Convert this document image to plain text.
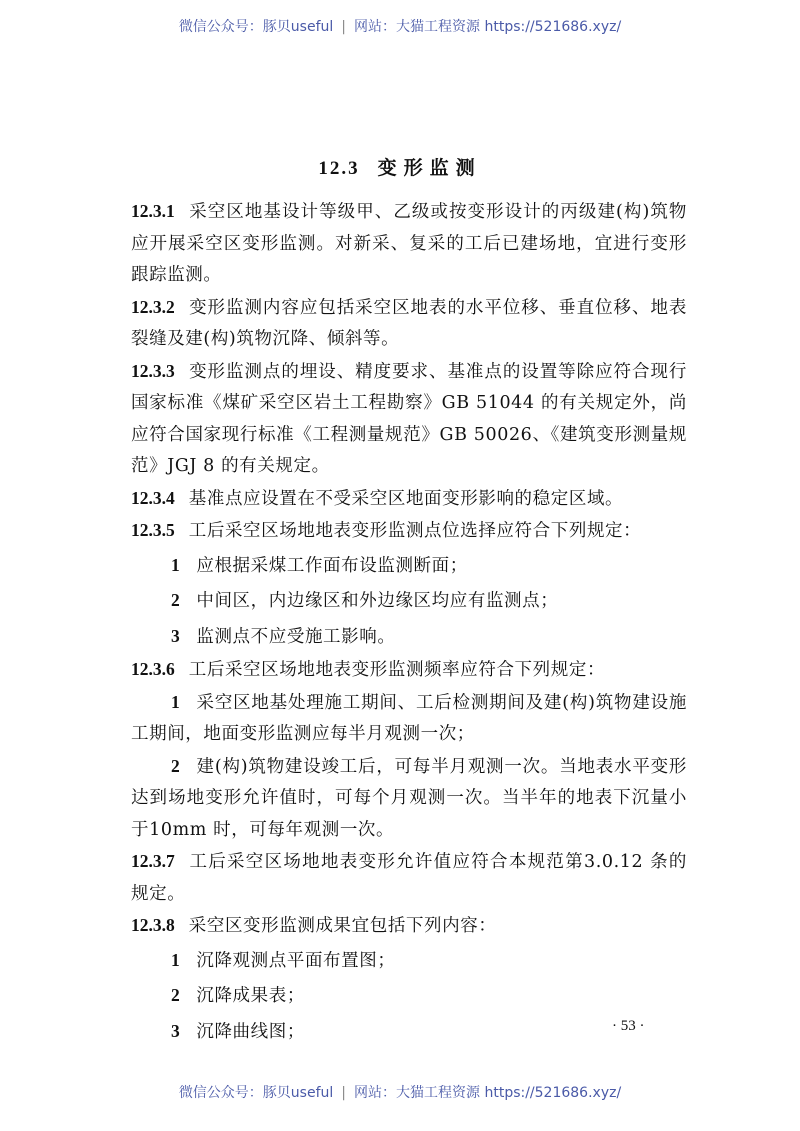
微信公众号：豚贝useful | 网站：大猫工程资源 https://521686.xyz/
12.3 变形监测

12.3.1 采空区地基设计等级甲、乙级或按变形设计的丙级建(构)筑物应开展采空区变形监测。对新采、复采的工后已建场地，宜进行变形跟踪监测。

12.3.2 变形监测内容应包括采空区地表的水平位移、垂直位移、地表裂缝及建(构)筑物沉降、倾斜等。

12.3.3 变形监测点的埋设、精度要求、基准点的设置等除应符合现行国家标准《煤矿采空区岩土工程勘察》GB 51044 的有关规定外，尚应符合国家现行标准《工程测量规范》GB 50026、《建筑变形测量规范》JGJ 8 的有关规定。

12.3.4 基准点应设置在不受采空区地面变形影响的稳定区域。

12.3.5 工后采空区场地地表变形监测点位选择应符合下列规定：

1 应根据采煤工作面布设监测断面；

2 中间区，内边缘区和外边缘区均应有监测点；

3 监测点不应受施工影响。

12.3.6 工后采空区场地地表变形监测频率应符合下列规定：

1 采空区地基处理施工期间、工后检测期间及建(构)筑物建设施工期间，地面变形监测应每半月观测一次；

2 建(构)筑物建设竣工后，可每半月观测一次。当地表水平变形达到场地变形允许值时，可每个月观测一次。当半年的地表下沉量小于10mm 时，可每年观测一次。

12.3.7 工后采空区场地地表变形允许值应符合本规范第3.0.12 条的规定。

12.3.8 采空区变形监测成果宜包括下列内容：

1 沉降观测点平面布置图；

2 沉降成果表；

3 沉降曲线图；	· 53 ·
微信公众号：豚贝useful | 网站：大猫工程资源 https://521686.xyz/
